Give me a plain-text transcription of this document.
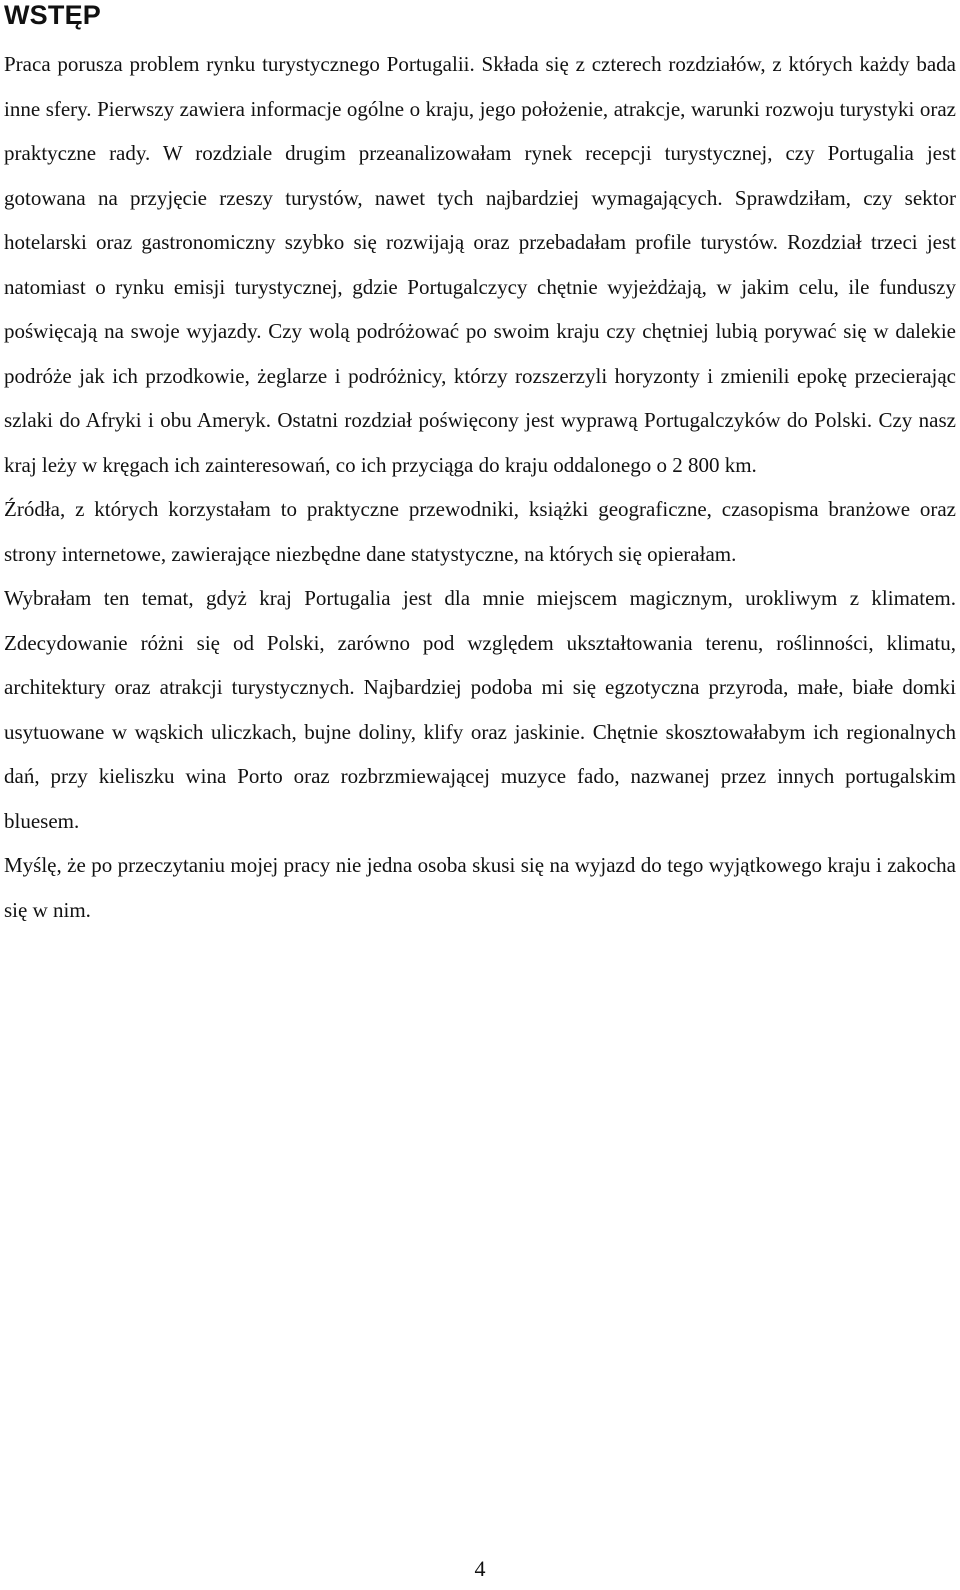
WSTĘP

Praca porusza problem rynku turystycznego Portugalii. Składa się z czterech rozdziałów, z których każdy bada inne sfery. Pierwszy zawiera informacje ogólne o kraju, jego położenie, atrakcje, warunki rozwoju turystyki oraz praktyczne rady. W rozdziale drugim przeanalizowałam rynek recepcji turystycznej, czy Portugalia jest gotowana na przyjęcie rzeszy turystów, nawet tych najbardziej wymagających. Sprawdziłam, czy sektor hotelarski oraz gastronomiczny szybko się rozwijają oraz przebadałam profile turystów. Rozdział trzeci jest natomiast o rynku emisji turystycznej, gdzie Portugalczycy chętnie wyjeżdżają, w jakim celu, ile funduszy poświęcają na swoje wyjazdy. Czy wolą podróżować po swoim kraju czy chętniej lubią porywać się w dalekie podróże jak ich przodkowie, żeglarze i podróżnicy, którzy rozszerzyli horyzonty i zmienili epokę przecierając szlaki do Afryki i obu Ameryk. Ostatni rozdział poświęcony jest wyprawą Portugalczyków do Polski. Czy nasz kraj leży w kręgach ich zainteresowań, co ich przyciąga do kraju oddalonego o 2 800 km.

Źródła, z których korzystałam to praktyczne przewodniki, książki geograficzne, czasopisma branżowe oraz strony internetowe, zawierające niezbędne dane statystyczne, na których się opierałam.

Wybrałam ten temat, gdyż kraj Portugalia jest dla mnie miejscem magicznym, urokliwym z klimatem. Zdecydowanie różni się od Polski, zarówno pod względem ukształtowania terenu, roślinności, klimatu, architektury oraz atrakcji turystycznych. Najbardziej podoba mi się egzotyczna przyroda, małe, białe domki usytuowane w wąskich uliczkach, bujne doliny, klify oraz jaskinie. Chętnie skosztowałabym ich regionalnych dań, przy kieliszku wina Porto oraz rozbrzmiewającej muzyce fado, nazwanej przez innych portugalskim bluesem.

Myślę, że po przeczytaniu mojej pracy nie jedna osoba skusi się na wyjazd do tego wyjątkowego kraju i zakocha się w nim.

4
